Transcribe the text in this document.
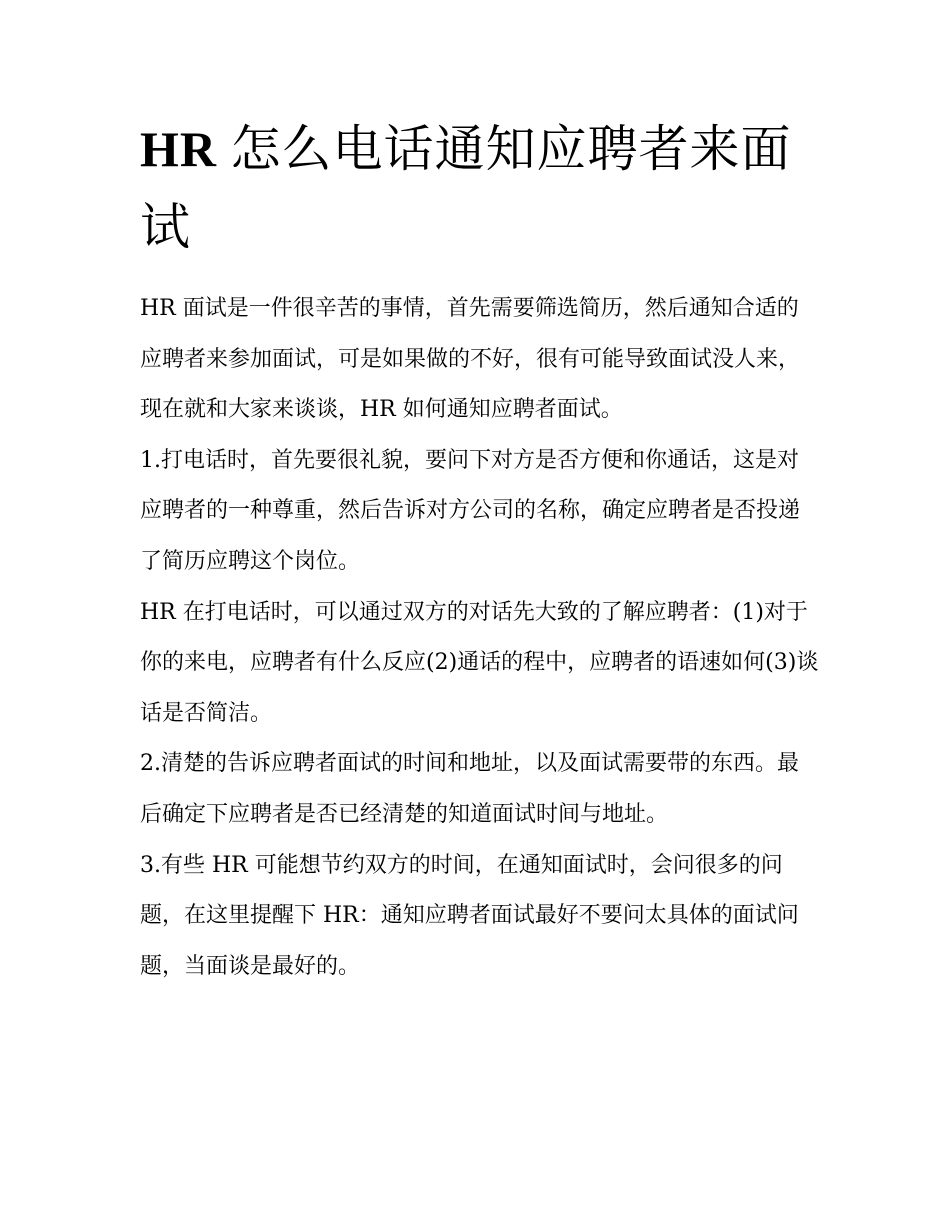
HR 怎么电话通知应聘者来面试

HR 面试是一件很辛苦的事情，首先需要筛选简历，然后通知合适的应聘者来参加面试，可是如果做的不好，很有可能导致面试没人来，现在就和大家来谈谈，HR 如何通知应聘者面试。

1.打电话时，首先要很礼貌，要问下对方是否方便和你通话，这是对应聘者的一种尊重，然后告诉对方公司的名称，确定应聘者是否投递了简历应聘这个岗位。

HR 在打电话时，可以通过双方的对话先大致的了解应聘者：(1)对于你的来电，应聘者有什么反应(2)通话的程中，应聘者的语速如何(3)谈话是否简洁。

2.清楚的告诉应聘者面试的时间和地址，以及面试需要带的东西。最后确定下应聘者是否已经清楚的知道面试时间与地址。

3.有些 HR 可能想节约双方的时间，在通知面试时，会问很多的问题，在这里提醒下 HR：通知应聘者面试最好不要问太具体的面试问题，当面谈是最好的。
